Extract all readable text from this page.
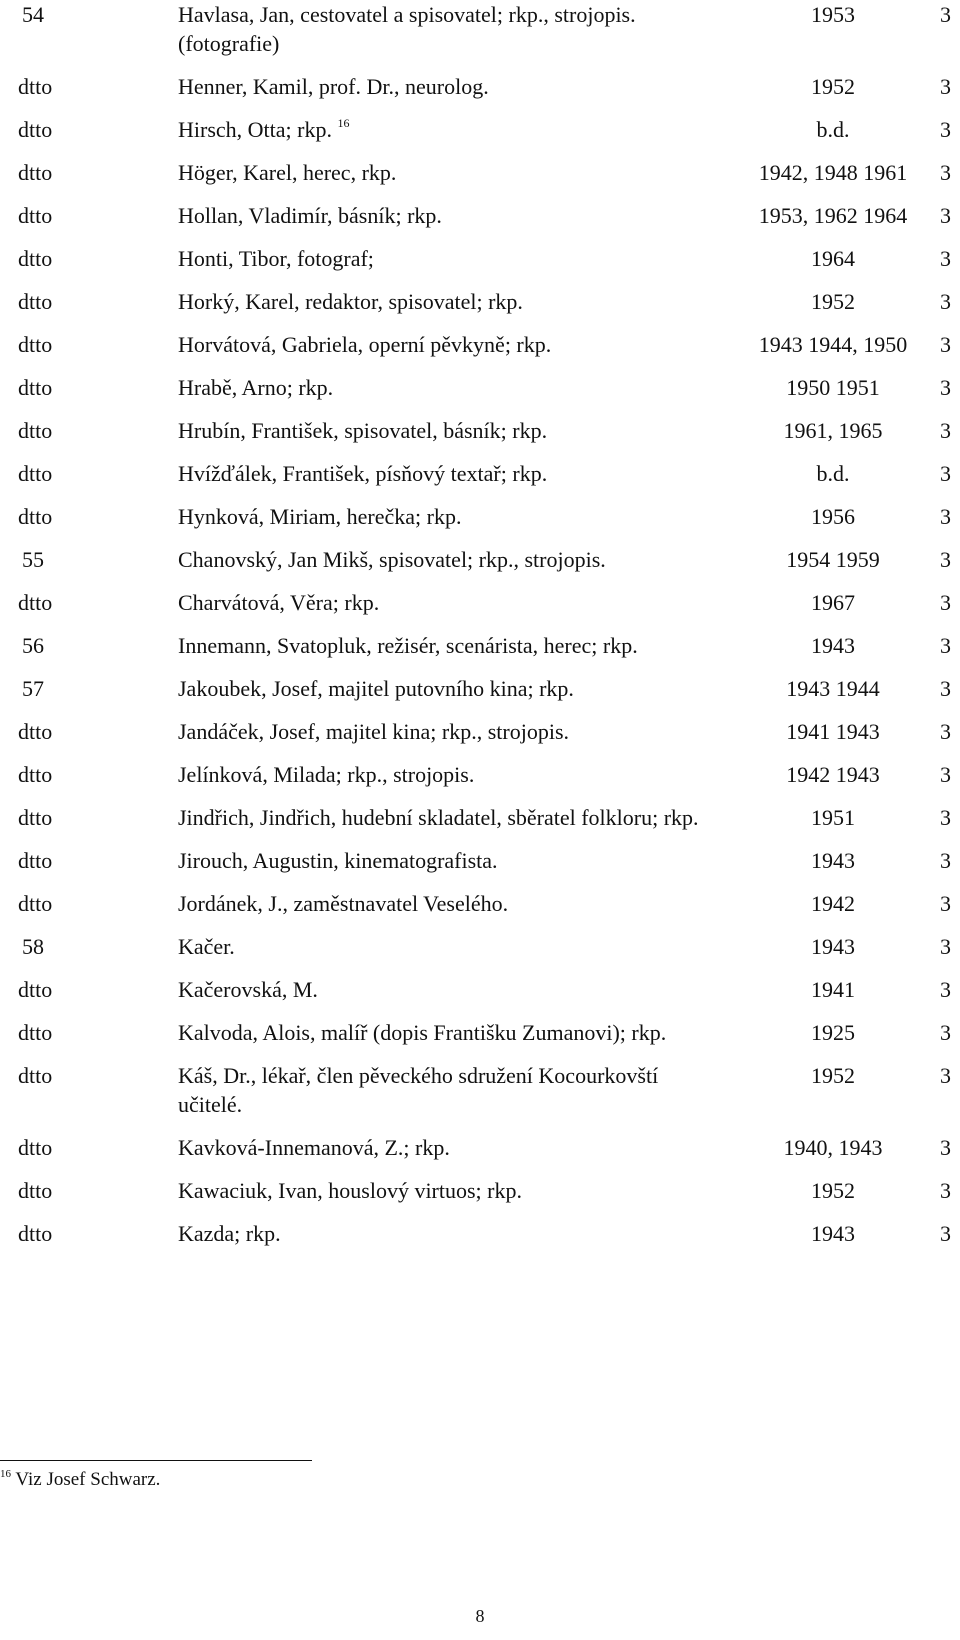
54	Havlasa, Jan, cestovatel a spisovatel; rkp., strojopis. (fotografie)	1953	3
dtto	Henner, Kamil, prof. Dr., neurolog.	1952	3
dtto	Hirsch, Otta; rkp. $^{16}$	b.d.	3
dtto	Höger, Karel, herec, rkp.	1942, 1948 1961	3
dtto	Hollan, Vladimír, básník; rkp.	1953, 1962 1964	3
dtto	Honti, Tibor, fotograf;	1964	3
dtto	Horký, Karel, redaktor, spisovatel; rkp.	1952	3
dtto	Horvátová, Gabriela, operní pěvkyně; rkp.	1943 1944, 1950	3
dtto	Hrabě, Arno; rkp.	1950 1951	3
dtto	Hrubín, František, spisovatel, básník; rkp.	1961, 1965	3
dtto	Hvížďálek, František, písňový textař; rkp.	b.d.	3
dtto	Hynková, Miriam, herečka; rkp.	1956	3
55	Chanovský, Jan Mikš, spisovatel; rkp., strojopis.	1954 1959	3
dtto	Charvátová, Věra; rkp.	1967	3
56	Innemann, Svatopluk, režisér, scenárista, herec; rkp.	1943	3
57	Jakoubek, Josef, majitel putovního kina; rkp.	1943 1944	3
dtto	Jandáček, Josef, majitel kina; rkp., strojopis.	1941 1943	3
dtto	Jelínková, Milada; rkp., strojopis.	1942 1943	3
dtto	Jindřich, Jindřich, hudební skladatel, sběratel folkloru; rkp.	1951	3
dtto	Jirouch, Augustin, kinematografista.	1943	3
dtto	Jordánek, J., zaměstnavatel Veselého.	1942	3
58	Kačer.	1943	3
dtto	Kačerovská, M.	1941	3
dtto	Kalvoda, Alois, malíř (dopis Františku Zumanovi); rkp.	1925	3
dtto	Káš, Dr., lékař, člen pěveckého sdružení Kocourkovští učitelé.	1952	3
dtto	Kavková-Innemanová, Z.; rkp.	1940, 1943	3
dtto	Kawaciuk, Ivan, houslový virtuos; rkp.	1952	3
dtto	Kazda; rkp.	1943	3
$^{16}$ Viz Josef Schwarz.
8
